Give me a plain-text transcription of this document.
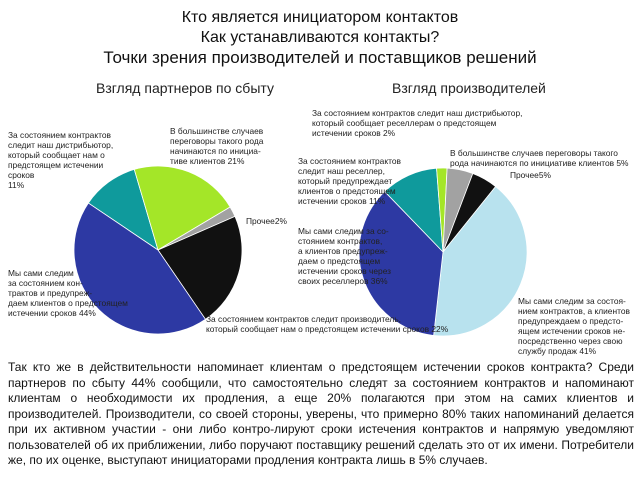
Кто является инициатором контактов
Как устанавливаются контакты?
Точки зрения производителей и поставщиков решений
Взгляд партнеров по сбыту	Взгляд производителей
За состоянием контрактов
следит наш дистрибьютор,
который сообщает нам о
предстоящем истечении
сроков
11%
В большинстве случаев
переговоры такого рода
начинаются по инициа-
тиве клиентов 21%
Прочее2%
За состоянием контрактов следит производитель,
который сообщает нам о предстоящем истечении сроков 22%
Мы сами следим
за состоянием кон-
трактов и предупреж-
даем клиентов о предстоящем
истечении сроков 44%
За состоянием контрактов
следит наш реселлер,
который предупреждает
клиентов о предстоящем
истечении сроков 11%
За состоянием контрактов следит наш дистрибьютор,
который сообщает реселлерам о предстоящем
истечении сроков 2%
В большинстве случаев переговоры такого
рода начинаются по инициативе клиентов 5%
Прочее5%
Мы сами следим за состоя-
нием контрактов, а клиентов
предупреждаем о предсто-
ящем истечении сроков не-
посредственно через свою
службу продаж 41%
Мы сами следим за со-
стоянием контрактов,
а клиентов предупреж-
даем о предстоящем
истечении сроков через
своих реселлеров 36%
Так кто же в действительности напоминает клиентам о предстоящем истечении сроков контракта? Среди партнеров по сбыту 44% сообщили, что самостоятельно следят за состоянием контрактов и напоминают клиентам о необходимости их продления, а еще 20% полагаются при этом на самих клиентов и производителей. Производители, со своей стороны, уверены, что примерно 80% таких напоминаний делается при их активном участии - они либо контро-лируют сроки истечения контрактов и напрямую уведомляют пользователей об их приближении, либо поручают поставщику решений сделать это от их имени. Потребители же, по их оценке, выступают инициаторами продления контракта лишь в 5% случаев.
